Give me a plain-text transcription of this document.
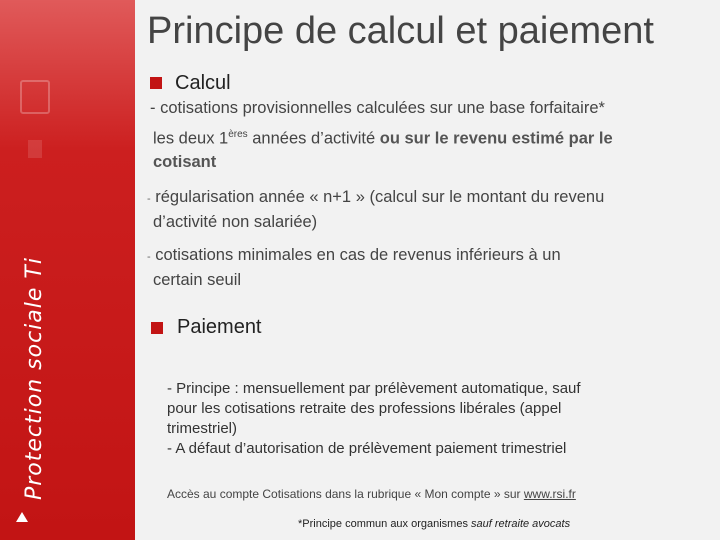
Protection sociale Ti
Principe de calcul et paiement
Calcul
- cotisations provisionnelles calculées sur une base forfaitaire*
les deux 1ères années d’activité ou sur le revenu estimé par le
cotisant
- régularisation année « n+1 » (calcul sur le montant du revenu
d’activité non salariée)
- cotisations minimales en cas de revenus inférieurs à un
certain seuil
Paiement
- Principe : mensuellement par prélèvement automatique, sauf
pour les cotisations retraite des professions libérales (appel
trimestriel)
- A défaut d’autorisation de prélèvement paiement trimestriel
Accès au compte Cotisations dans la rubrique « Mon compte » sur www.rsi.fr
*Principe commun aux organismes sauf retraite avocats
